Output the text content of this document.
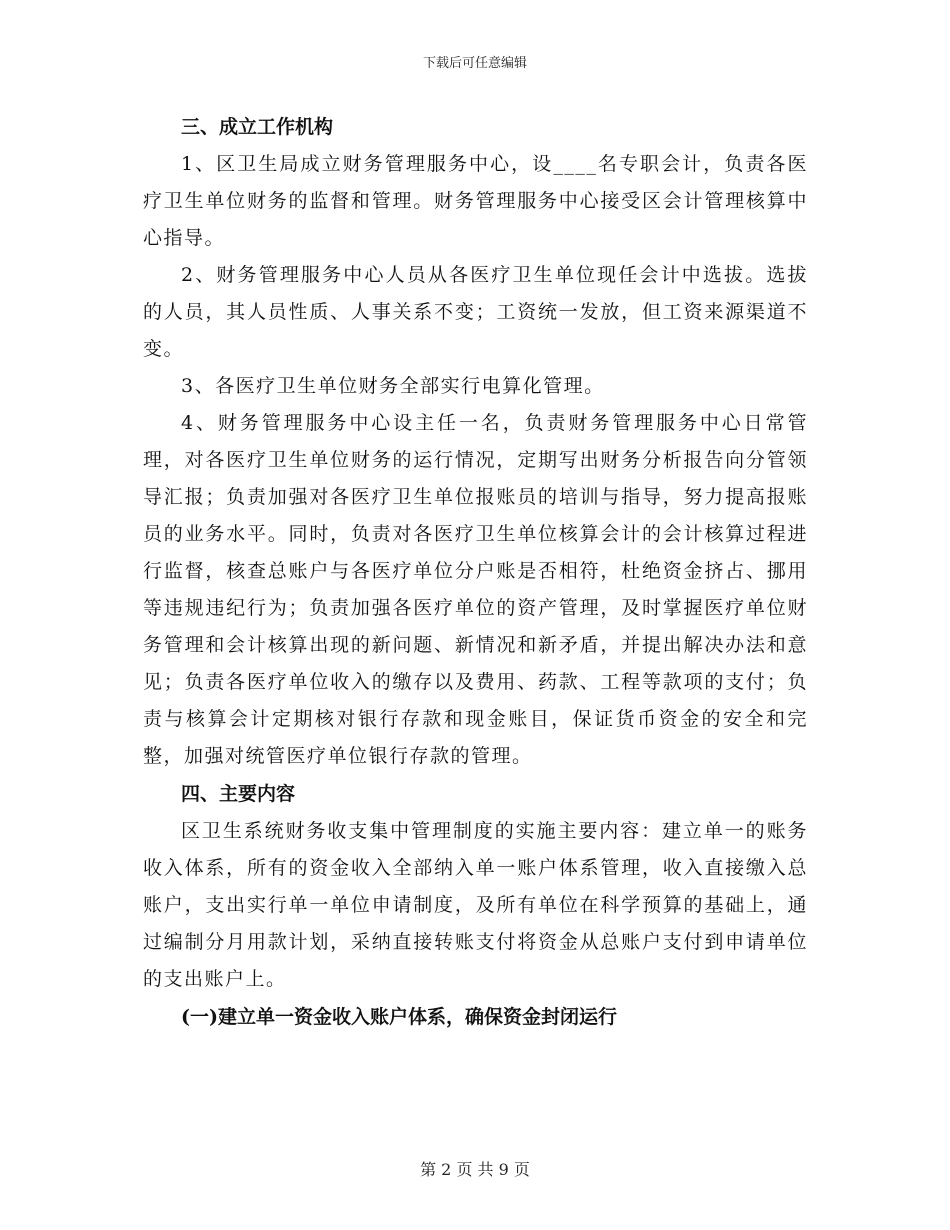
下载后可任意编辑
三、成立工作机构

1、区卫生局成立财务管理服务中心，设____名专职会计，负责各医疗卫生单位财务的监督和管理。财务管理服务中心接受区会计管理核算中心指导。

2、财务管理服务中心人员从各医疗卫生单位现任会计中选拔。选拔的人员，其人员性质、人事关系不变；工资统一发放，但工资来源渠道不变。

3、各医疗卫生单位财务全部实行电算化管理。

4、财务管理服务中心设主任一名，负责财务管理服务中心日常管理，对各医疗卫生单位财务的运行情况，定期写出财务分析报告向分管领导汇报；负责加强对各医疗卫生单位报账员的培训与指导，努力提高报账员的业务水平。同时，负责对各医疗卫生单位核算会计的会计核算过程进行监督，核查总账户与各医疗单位分户账是否相符，杜绝资金挤占、挪用等违规违纪行为；负责加强各医疗单位的资产管理，及时掌握医疗单位财务管理和会计核算出现的新问题、新情况和新矛盾，并提出解决办法和意见；负责各医疗单位收入的缴存以及费用、药款、工程等款项的支付；负责与核算会计定期核对银行存款和现金账目，保证货币资金的安全和完整，加强对统管医疗单位银行存款的管理。

四、主要内容

区卫生系统财务收支集中管理制度的实施主要内容：建立单一的账务收入体系，所有的资金收入全部纳入单一账户体系管理，收入直接缴入总账户，支出实行单一单位申请制度，及所有单位在科学预算的基础上，通过编制分月用款计划，采纳直接转账支付将资金从总账户支付到申请单位的支出账户上。

(一)建立单一资金收入账户体系，确保资金封闭运行
第 2 页 共 9 页
